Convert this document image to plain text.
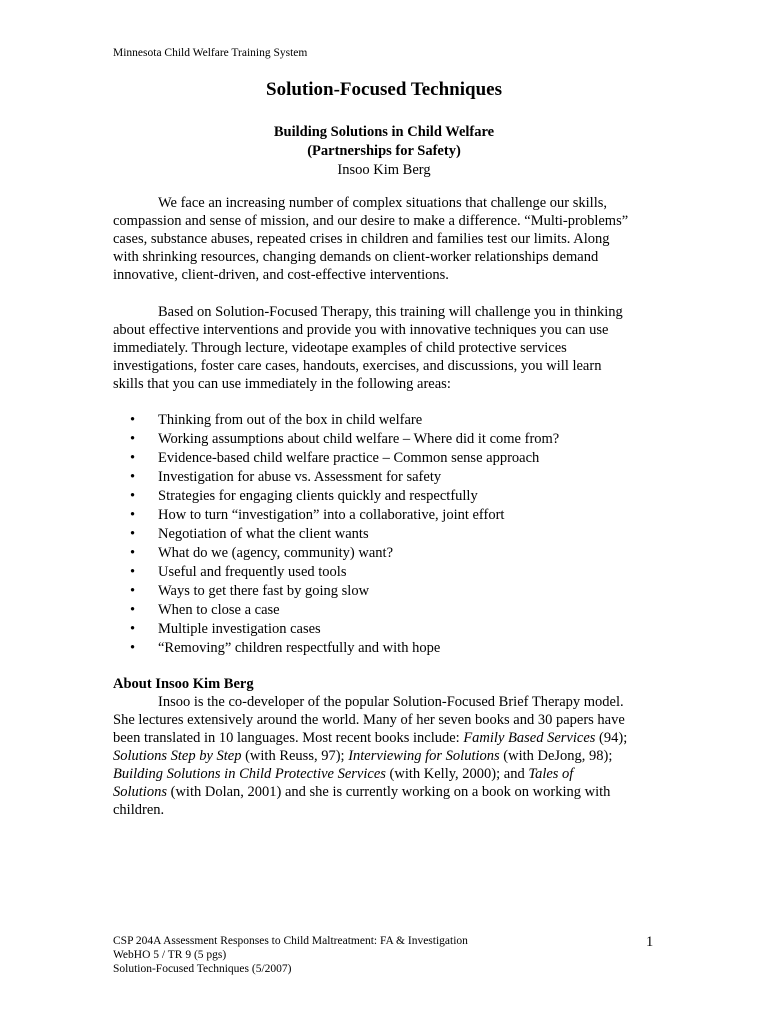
Minnesota Child Welfare Training System
Solution-Focused Techniques
Building Solutions in Child Welfare
(Partnerships for Safety)
Insoo Kim Berg

We face an increasing number of complex situations that challenge our skills,
compassion and sense of mission, and our desire to make a difference. “Multi-problems”
cases, substance abuses, repeated crises in children and families test our limits. Along
with shrinking resources, changing demands on client-worker relationships demand
innovative, client-driven, and cost-effective interventions.

Based on Solution-Focused Therapy, this training will challenge you in thinking
about effective interventions and provide you with innovative techniques you can use
immediately. Through lecture, videotape examples of child protective services
investigations, foster care cases, handouts, exercises, and discussions, you will learn
skills that you can use immediately in the following areas:

• Thinking from out of the box in child welfare
• Working assumptions about child welfare – Where did it come from?
• Evidence-based child welfare practice – Common sense approach
• Investigation for abuse vs. Assessment for safety
• Strategies for engaging clients quickly and respectfully
• How to turn “investigation” into a collaborative, joint effort
• Negotiation of what the client wants
• What do we (agency, community) want?
• Useful and frequently used tools
• Ways to get there fast by going slow
• When to close a case
• Multiple investigation cases
• “Removing” children respectfully and with hope
About Insoo Kim Berg

Insoo is the co-developer of the popular Solution-Focused Brief Therapy model.
She lectures extensively around the world. Many of her seven books and 30 papers have
been translated in 10 languages. Most recent books include: Family Based Services (94);
Solutions Step by Step (with Reuss, 97); Interviewing for Solutions (with DeJong, 98);
Building Solutions in Child Protective Services (with Kelly, 2000); and Tales of
Solutions (with Dolan, 2001) and she is currently working on a book on working with
children.

CSP 204A Assessment Responses to Child Maltreatment: FA & Investigation
WebHO 5 / TR 9 (5 pgs)
Solution-Focused Techniques (5/2007)
1
